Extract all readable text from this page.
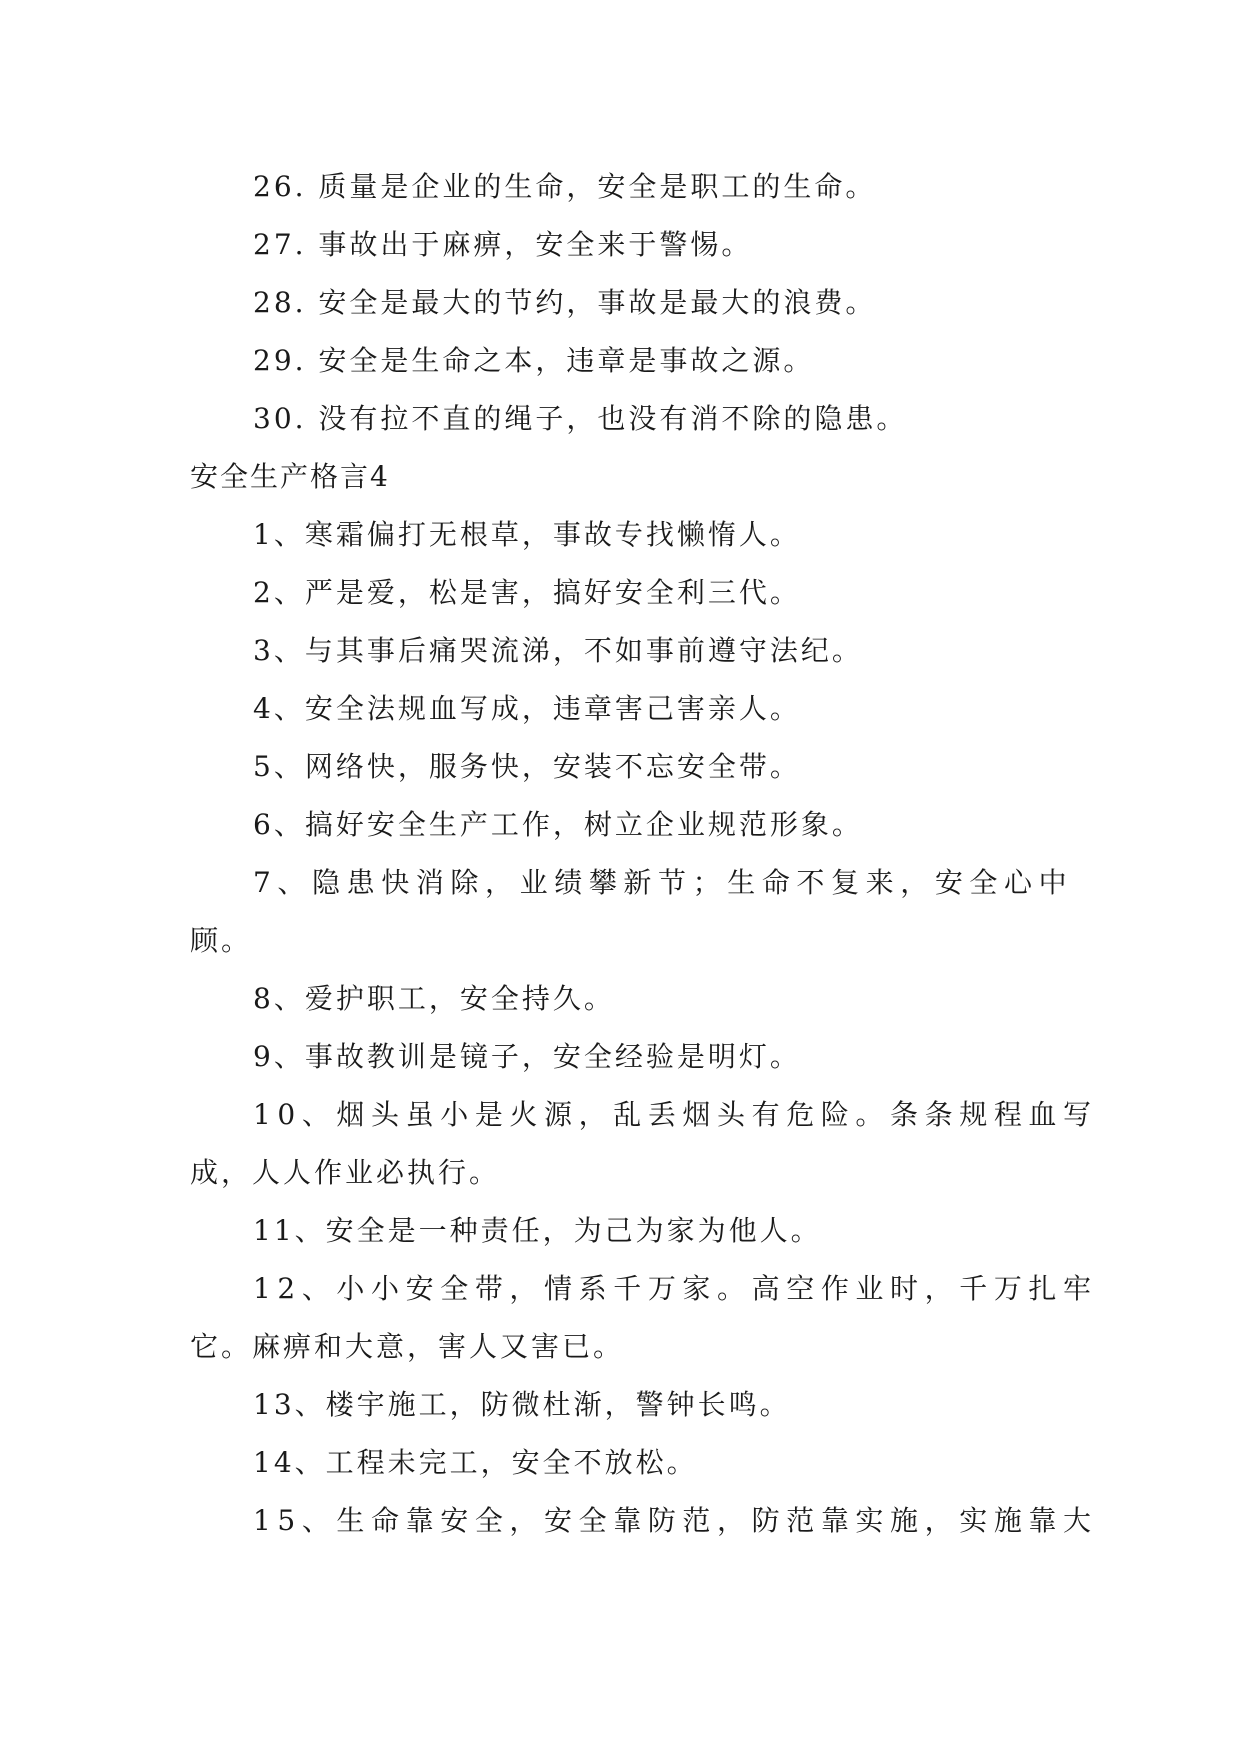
26. 质量是企业的生命，安全是职工的生命。
27. 事故出于麻痹，安全来于警惕。
28. 安全是最大的节约，事故是最大的浪费。
29. 安全是生命之本，违章是事故之源。
30. 没有拉不直的绳子，也没有消不除的隐患。
安全生产格言4
1、寒霜偏打无根草，事故专找懒惰人。
2、严是爱，松是害，搞好安全利三代。
3、与其事后痛哭流涕，不如事前遵守法纪。
4、安全法规血写成，违章害己害亲人。
5、网络快，服务快，安装不忘安全带。
6、搞好安全生产工作，树立企业规范形象。
7、隐患快消除，业绩攀新节；生命不复来，安全心中
顾。
8、爱护职工，安全持久。
9、事故教训是镜子，安全经验是明灯。
10、烟头虽小是火源，乱丢烟头有危险。条条规程血写
成，人人作业必执行。
11、安全是一种责任，为己为家为他人。
12、小小安全带，情系千万家。高空作业时，千万扎牢
它。麻痹和大意，害人又害已。
13、楼宇施工，防微杜渐，警钟长鸣。
14、工程未完工，安全不放松。
15、生命靠安全，安全靠防范，防范靠实施，实施靠大
